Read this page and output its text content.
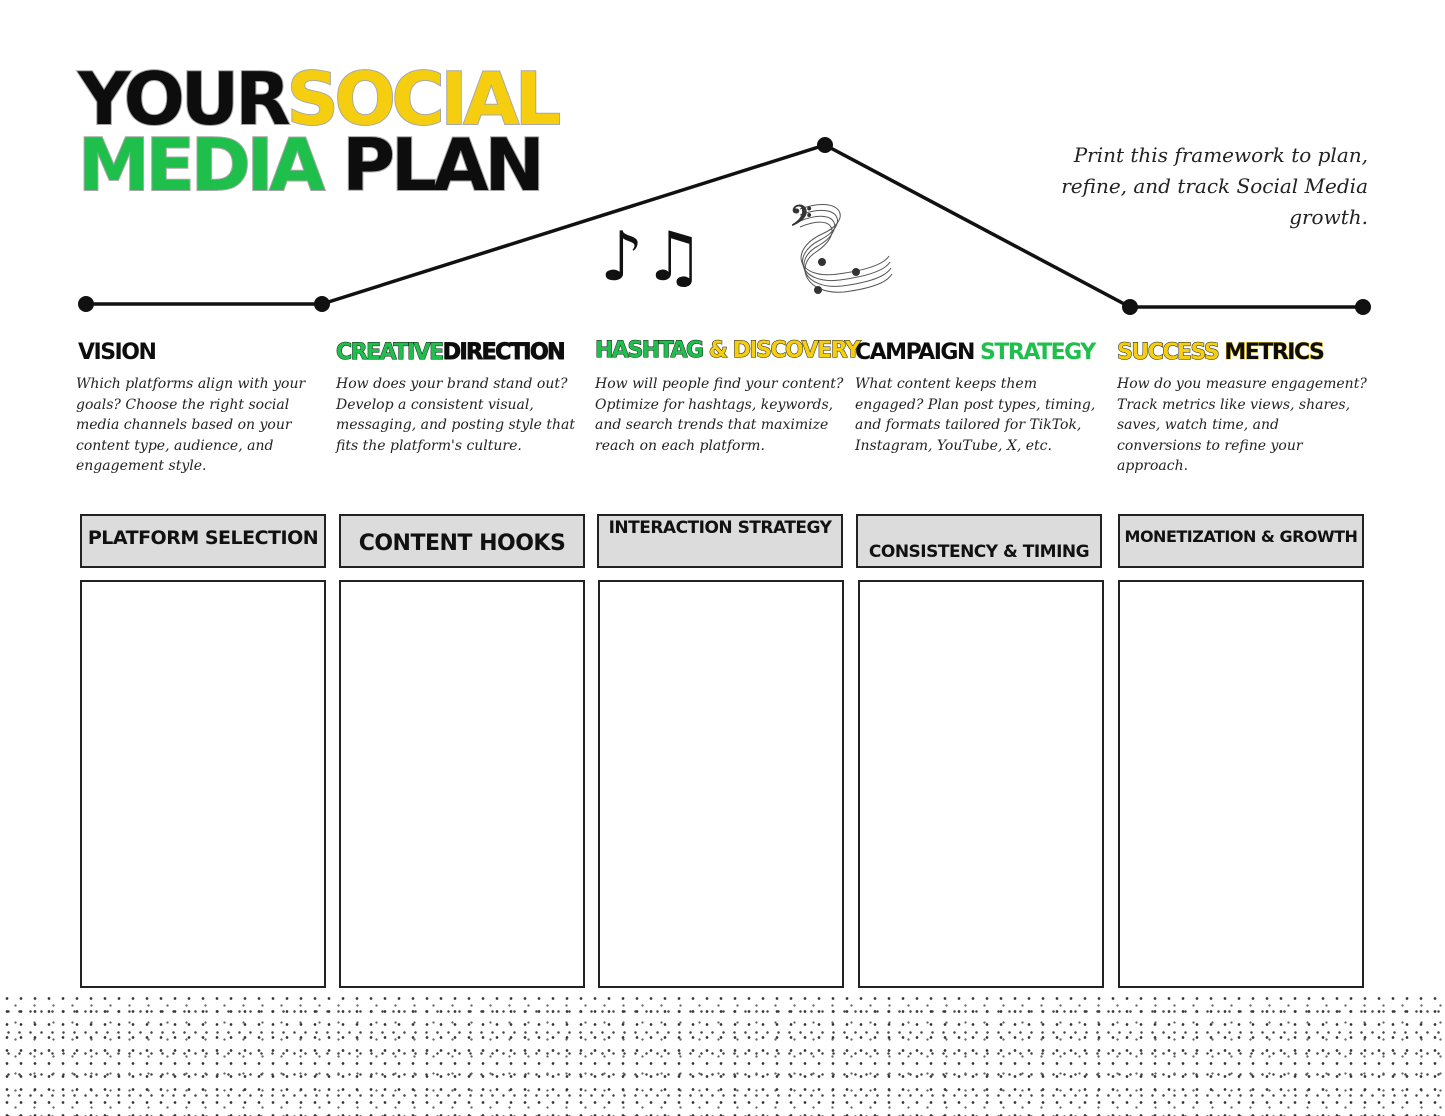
YOURSOCIAL
MEDIA PLAN
♪♫	𝄢
Print this framework to plan, refine, and track Social Media growth.
VISION
Which platforms align with your goals? Choose the right social media channels based on your content type, audience, and engagement style.
CREATIVEDIRECTION
How does your brand stand out? Develop a consistent visual, messaging, and posting style that fits the platform's culture.
HASHTAG & DISCOVERY
How will people find your content? Optimize for hashtags, keywords, and search trends that maximize reach on each platform.
CAMPAIGN STRATEGY
What content keeps them engaged? Plan post types, timing, and formats tailored for TikTok, Instagram, YouTube, X, etc.
SUCCESS METRICS
How do you measure engagement? Track metrics like views, shares, saves, watch time, and conversions to refine your approach.
PLATFORM SELECTION	CONTENT HOOKS
INTERACTION STRATEGY
CONSISTENCY & TIMING
MONETIZATION & GROWTH
